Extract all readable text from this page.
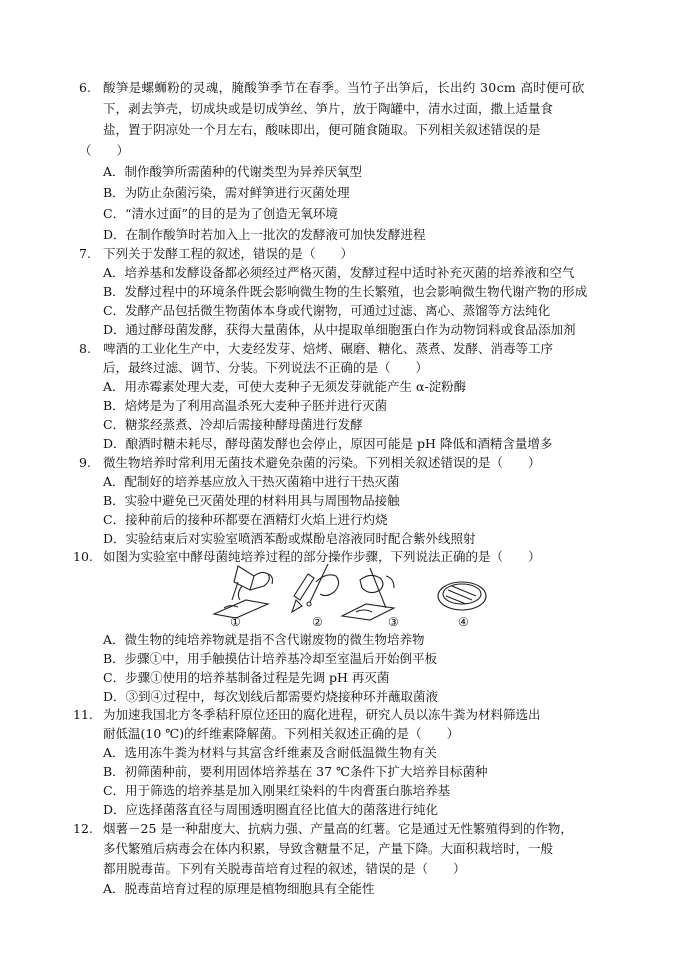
6. 酸笋是螺蛳粉的灵魂，腌酸笋季节在春季。当竹子出笋后，长出约 30cm 高时便可砍
下，剥去笋壳，切成块或是切成笋丝、笋片，放于陶罐中，清水过面，撒上适量食
盐，置于阴凉处一个月左右，酸味即出，便可随食随取。下列相关叙述错误的是
（　　）
A．制作酸笋所需菌种的代谢类型为异养厌氧型
B．为防止杂菌污染，需对鲜笋进行灭菌处理
C．“清水过面”的目的是为了创造无氧环境
D．在制作酸笋时若加入上一批次的发酵液可加快发酵进程
7. 下列关于发酵工程的叙述，错误的是（　　）
A．培养基和发酵设备都必须经过严格灭菌，发酵过程中适时补充灭菌的培养液和空气
B．发酵过程中的环境条件既会影响微生物的生长繁殖，也会影响微生物代谢产物的形成
C．发酵产品包括微生物菌体本身或代谢物，可通过过滤、离心、蒸馏等方法纯化
D．通过酵母菌发酵，获得大量菌体，从中提取单细胞蛋白作为动物饲料或食品添加剂
8. 啤酒的工业化生产中，大麦经发芽、焙烤、碾磨、糖化、蒸煮、发酵、消毒等工序
后，最终过滤、调节、分装。下列说法不正确的是（　　）
A．用赤霉素处理大麦，可使大麦种子无须发芽就能产生 α-淀粉酶
B．焙烤是为了利用高温杀死大麦种子胚并进行灭菌
C．糖浆经蒸煮、冷却后需接种酵母菌进行发酵
D．酿酒时糖未耗尽，酵母菌发酵也会停止，原因可能是 pH 降低和酒精含量增多
9. 微生物培养时常利用无菌技术避免杂菌的污染。下列相关叙述错误的是（　　）
A．配制好的培养基应放入干热灭菌箱中进行干热灭菌
B．实验中避免已灭菌处理的材料用具与周围物品接触
C．接种前后的接种环都要在酒精灯火焰上进行灼烧
D．实验结束后对实验室喷洒苯酚或煤酚皂溶液同时配合紫外线照射
10. 如图为实验室中酵母菌纯培养过程的部分操作步骤，下列说法正确的是（　　）
①	②	③	④
A．微生物的纯培养物就是指不含代谢废物的微生物培养物
B．步骤①中，用手触摸估计培养基冷却至室温后开始倒平板
C．步骤①使用的培养基制备过程是先调 pH 再灭菌
D．③到④过程中，每次划线后都需要灼烧接种环并蘸取菌液
11. 为加速我国北方冬季秸秆原位还田的腐化进程，研究人员以冻牛粪为材料筛选出
耐低温(10 ℃)的纤维素降解菌。下列相关叙述正确的是（　　）
A．选用冻牛粪为材料与其富含纤维素及含耐低温微生物有关
B．初筛菌种前，要利用固体培养基在 37 ℃条件下扩大培养目标菌种
C．用于筛选的培养基是加入刚果红染料的牛肉膏蛋白胨培养基
D．应选择菌落直径与周围透明圈直径比值大的菌落进行纯化
12. 烟薯－25 是一种甜度大、抗病力强、产量高的红薯。它是通过无性繁殖得到的作物，
多代繁殖后病毒会在体内积累，导致含糖量不足，产量下降。大面积栽培时，一般
都用脱毒苗。下列有关脱毒苗培育过程的叙述，错误的是（　　）
A．脱毒苗培育过程的原理是植物细胞具有全能性
